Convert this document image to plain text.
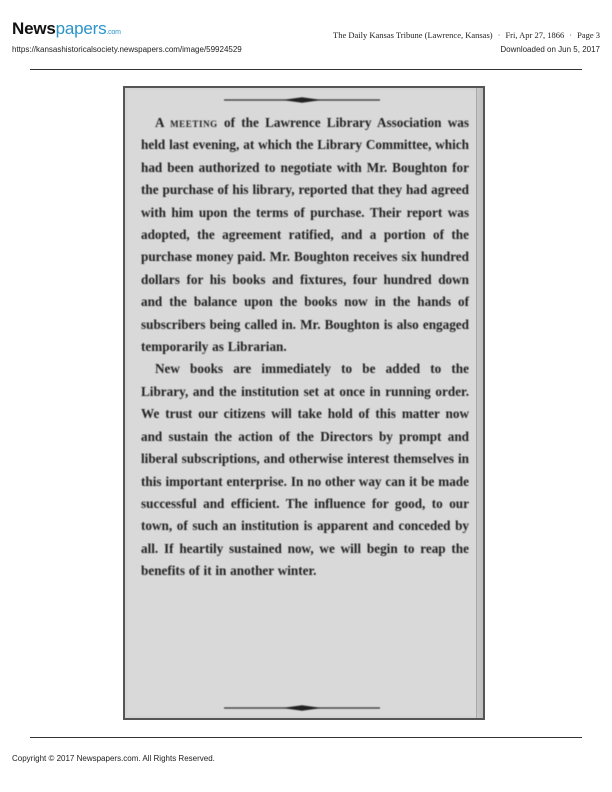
Newspapers.com
https://kansashistoricalsociety.newspapers.com/image/59924529
The Daily Kansas Tribune (Lawrence, Kansas) · Fri, Apr 27, 1866 · Page 3
Downloaded on Jun 5, 2017

A meeting of the Lawrence Library Association was held last evening, at which the Library Committee, which had been authorized to negotiate with Mr. Boughton for the purchase of his library, reported that they had agreed with him upon the terms of purchase. Their report was adopted, the agreement ratified, and a portion of the purchase money paid. Mr. Boughton receives six hundred dollars for his books and fixtures, four hundred down and the balance upon the books now in the hands of subscribers being called in. Mr. Boughton is also engaged temporarily as Librarian.

New books are immediately to be added to the Library, and the institution set at once in running order. We trust our citizens will take hold of this matter now and sustain the action of the Directors by prompt and liberal subscriptions, and otherwise interest themselves in this important enterprise. In no other way can it be made successful and efficient. The influence for good, to our town, of such an institution is apparent and conceded by all. If heartily sustained now, we will begin to reap the benefits of it in another winter.

Copyright © 2017 Newspapers.com. All Rights Reserved.
